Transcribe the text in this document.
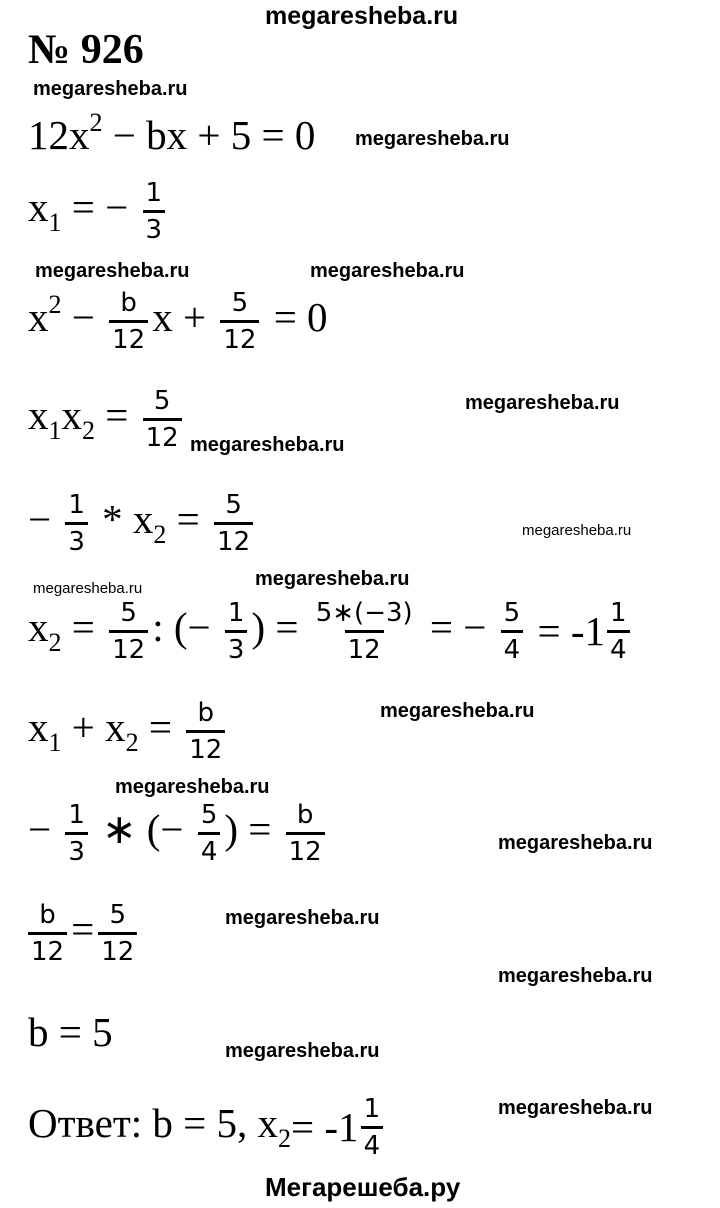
megaresheba.ru
№ 926
megaresheba.ru
$12x^2$ − bx + 5 = 0 megaresheba.ru
$x_1$ = − $\frac{1}{3}$
megaresheba.ru	megaresheba.ru
$x^2 - \frac{b}{12}$ $x + \frac{5}{12} = 0$
megaresheba.ru
$x_1x_2 = \frac{5}{12}$ megaresheba.ru
− $\frac{1}{3} * x_2 = \frac{5}{12}$	megaresheba.ru
megaresheba.ru	megaresheba.ru
$x_2 = \frac{5}{12}$ : (− $\frac{1}{3}$ ) = $\frac{5∗(-3)}{12}$ = − $\frac{5}{4}$
= $-1 \frac{1}{4}$
megaresheba.ru
$x_1 + x_2 = \frac{b}{12}$
megaresheba.ru
− $\frac{1}{3}$ ∗ (− $\frac{5}{4}$ ) = $\frac{b}{12}$	megaresheba.ru
$\frac{b}{12} = \frac{5}{12}$	megaresheba.ru
megaresheba.ru
b = 5	megaresheba.ru
Ответ: b = 5, $x_2 = -1 \frac{1}{4}$	megaresheba.ru
Мегарешеба.ру
